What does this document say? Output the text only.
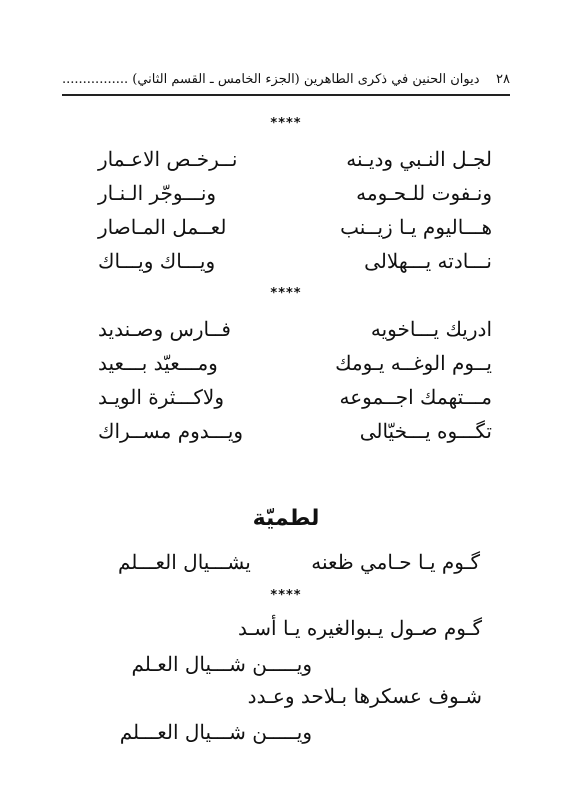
٢٨
ديوان الحنين في ذكرى الطاهرين (الجزء الخامس ـ القسم الثاني) ................
****
لجـل النـبي وديـنه
نــرخـص الاعـمار
ونـفوت للـحـومه
ونـــوجّر الـنـار
هـــاليوم يـا زيــنب
لعــمل المـاصار
نـــادته يـــهلالى
ويـــاك ويـــاك
****
ادريك يـــاخويه
فــارس وصـنديد
يــوم الوغــه يـومك
ومـــعيّد بـــعيد
مـــتهمك اجــموعه
ولاكـــثرة الويـد
تگـــوه يـــخيّالى
ويـــدوم مســراك
لطميّة
گـوم يـا حـامي ظعنه
يشـــيال العـــلم
****
گـوم صـول يـبوالغيره يـا أسـد
ويـــــن شـــيال العـلم
شـوف عسكرها بـلاحد وعـدد
ويـــــن شـــيال العـــلم
